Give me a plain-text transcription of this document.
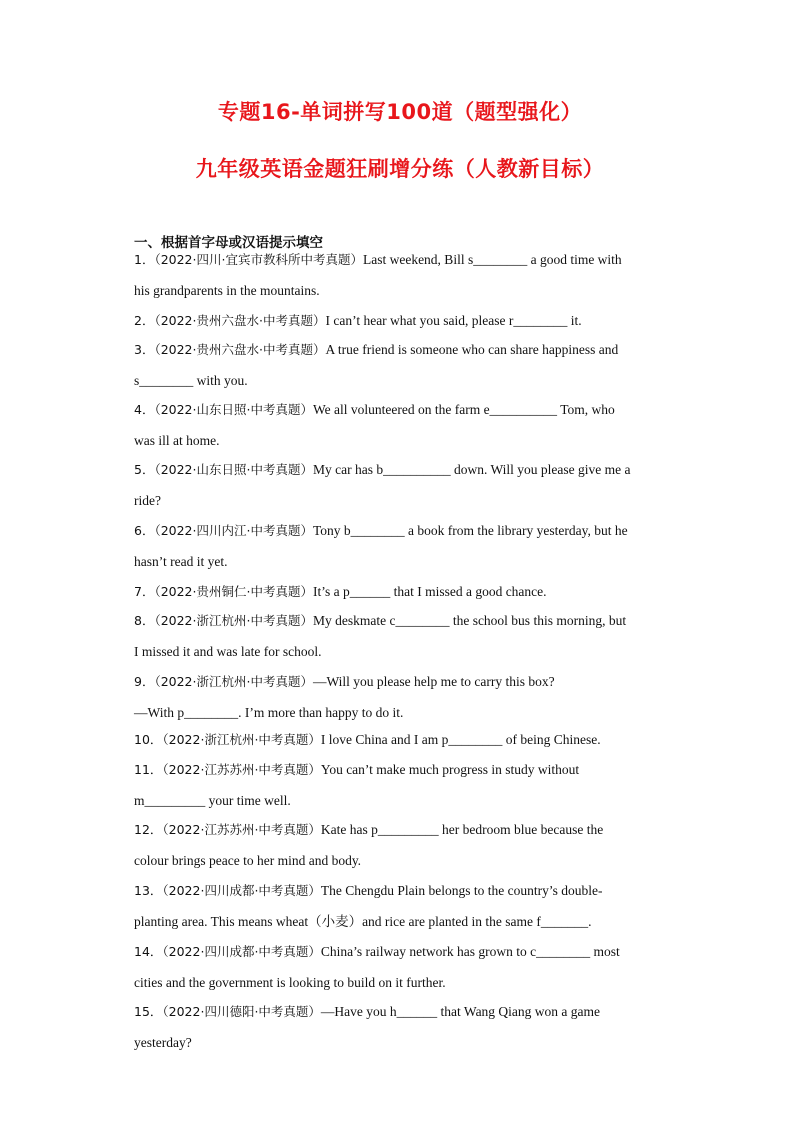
专题16-单词拼写100道（题型强化）
九年级英语金题狂刷增分练（人教新目标）
一、根据首字母或汉语提示填空
1．（2022·四川·宜宾市教科所中考真题）Last weekend, Bill s________ a good time with
his grandparents in the mountains.
2．（2022·贵州六盘水·中考真题）I can’t hear what you said, please r________ it.
3．（2022·贵州六盘水·中考真题）A true friend is someone who can share happiness and
s________ with you.
4．（2022·山东日照·中考真题）We all volunteered on the farm e__________ Tom, who
was ill at home.
5．（2022·山东日照·中考真题）My car has b__________ down. Will you please give me a
ride?
6．（2022·四川内江·中考真题）Tony b________ a book from the library yesterday, but he
hasn’t read it yet.
7．（2022·贵州铜仁·中考真题）It’s a p______ that I missed a good chance.
8．（2022·浙江杭州·中考真题）My deskmate c________ the school bus this morning, but
I missed it and was late for school.
9．（2022·浙江杭州·中考真题）—Will you please help me to carry this box?
—With p________. I’m more than happy to do it.
10．（2022·浙江杭州·中考真题）I love China and I am p________ of being Chinese.
11．（2022·江苏苏州·中考真题）You can’t make much progress in study without
m_________ your time well.
12．（2022·江苏苏州·中考真题）Kate has p_________ her bedroom blue because the
colour brings peace to her mind and body.
13．（2022·四川成都·中考真题）The Chengdu Plain belongs to the country’s double-
planting area. This means wheat（小麦）and rice are planted in the same f_______.
14．（2022·四川成都·中考真题）China’s railway network has grown to c________ most
cities and the government is looking to build on it further.
15．（2022·四川德阳·中考真题）—Have you h______ that Wang Qiang won a game
yesterday?
